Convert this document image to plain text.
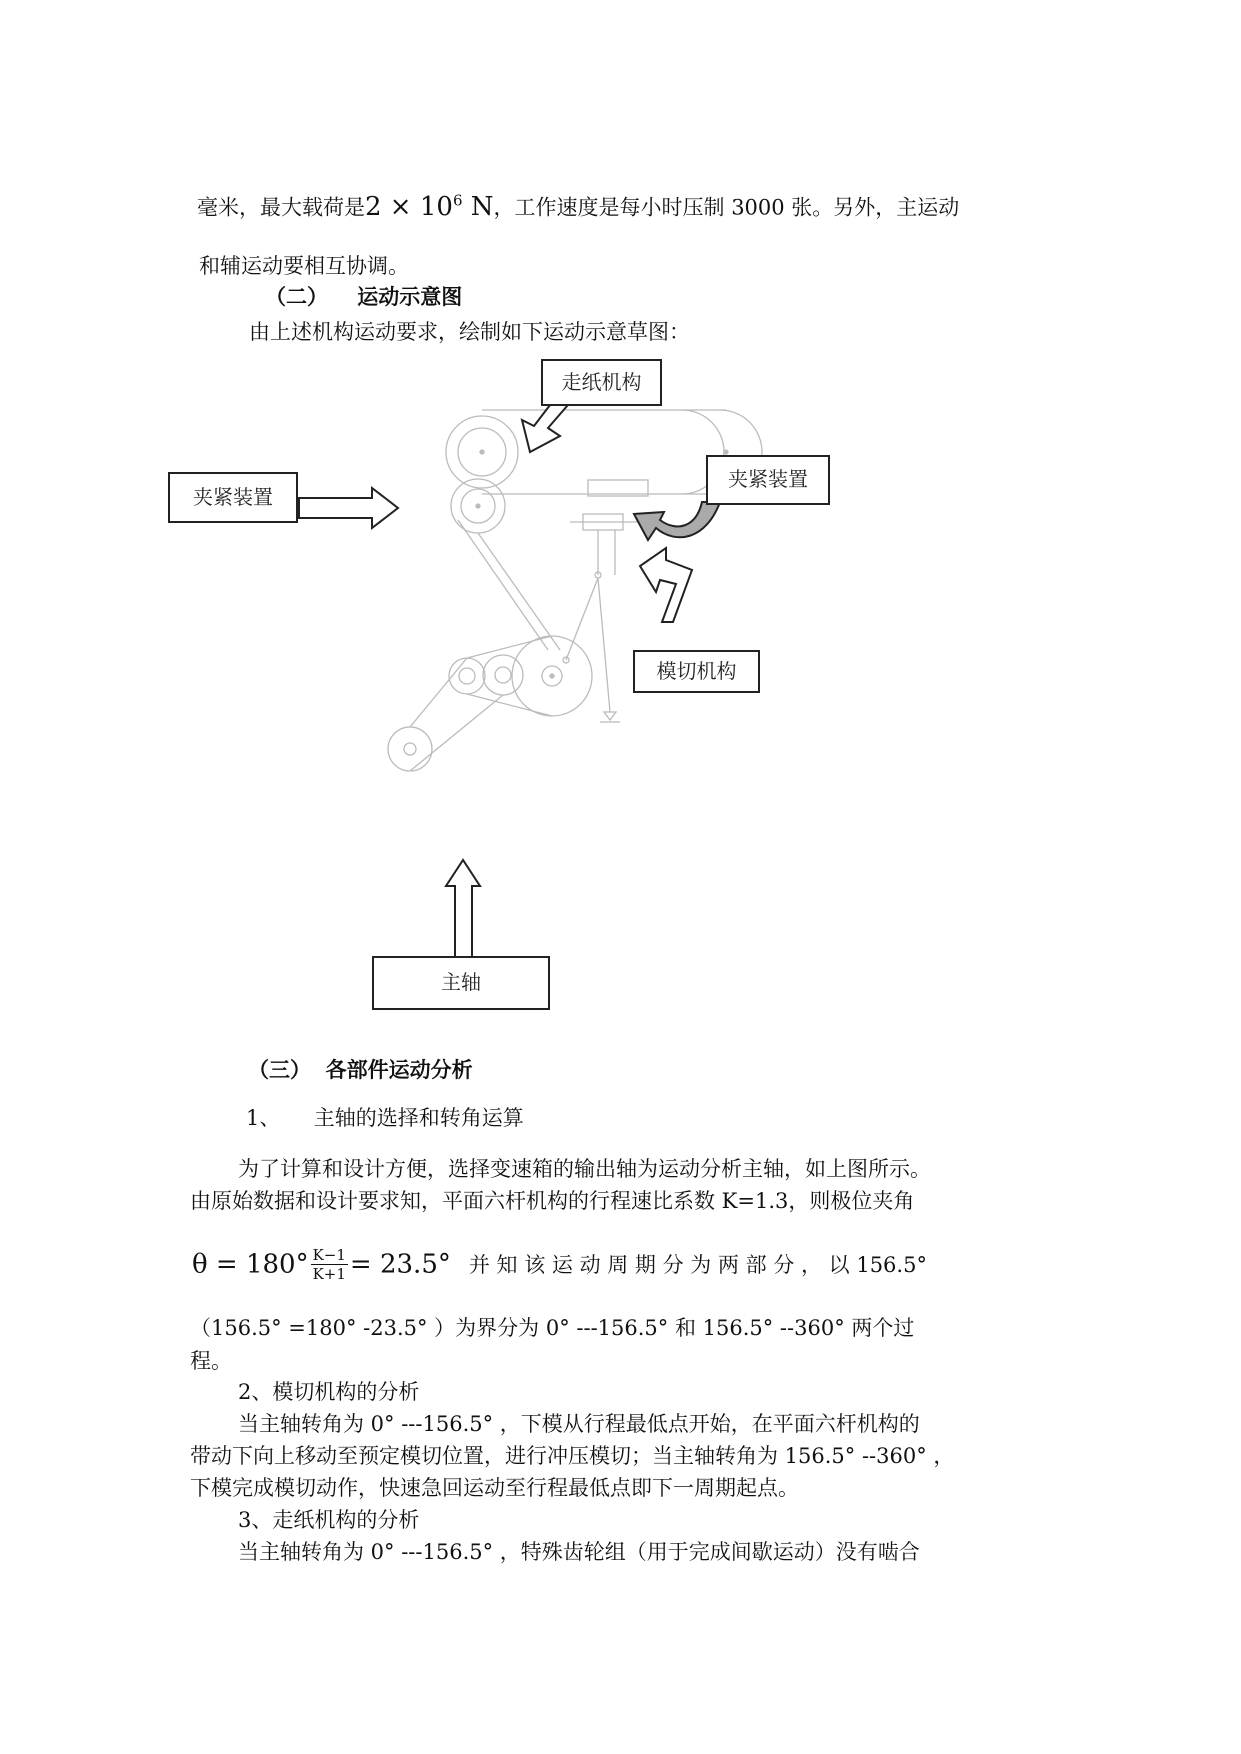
毫米，最大载荷是$2 \times 10^6$ N，工作速度是每小时压制 3000 张。另外，主运动
和辅运动要相互协调。
（二）    运动示意图
由上述机构运动要求，绘制如下运动示意草图：
走纸机构
夹紧装置
夹紧装置
模切机构
主轴
（三）  各部件运动分析
1、     主轴的选择和转角运算
为了计算和设计方便，选择变速箱的输出轴为运动分析主轴，如上图所示。
由原始数据和设计要求知，平面六杆机构的行程速比系数 K=1.3，则极位夹角
$\theta = 180^\circ \frac{K-1}{K+1} = 23.5^\circ$ 并 知 该 运 动 周 期 分 为 两 部 分 ， 以 156.5°
（156.5° =180° -23.5° ）为界分为 0° ---156.5° 和 156.5° --360° 两个过
程。
2、模切机构的分析
当主轴转角为 0° ---156.5° ，下模从行程最低点开始，在平面六杆机构的
带动下向上移动至预定模切位置，进行冲压模切；当主轴转角为 156.5° --360° ，
下模完成模切动作，快速急回运动至行程最低点即下一周期起点。
3、走纸机构的分析
当主轴转角为 0° ---156.5° ，特殊齿轮组（用于完成间歇运动）没有啮合
